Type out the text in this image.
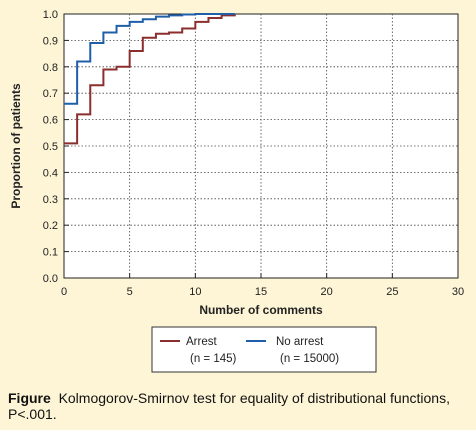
0.0
0.1
0.2
0.3
0.4
0.5
0.6
0.7
0.8
0.9
1.0
0	5	10	15	20	25	30
Number of comments
Proportion of patients
Arrest
(n = 145)
No arrest
(n = 15000)
Figure Kolmogorov-Smirnov test for equality of distributional functions, P<.001.
